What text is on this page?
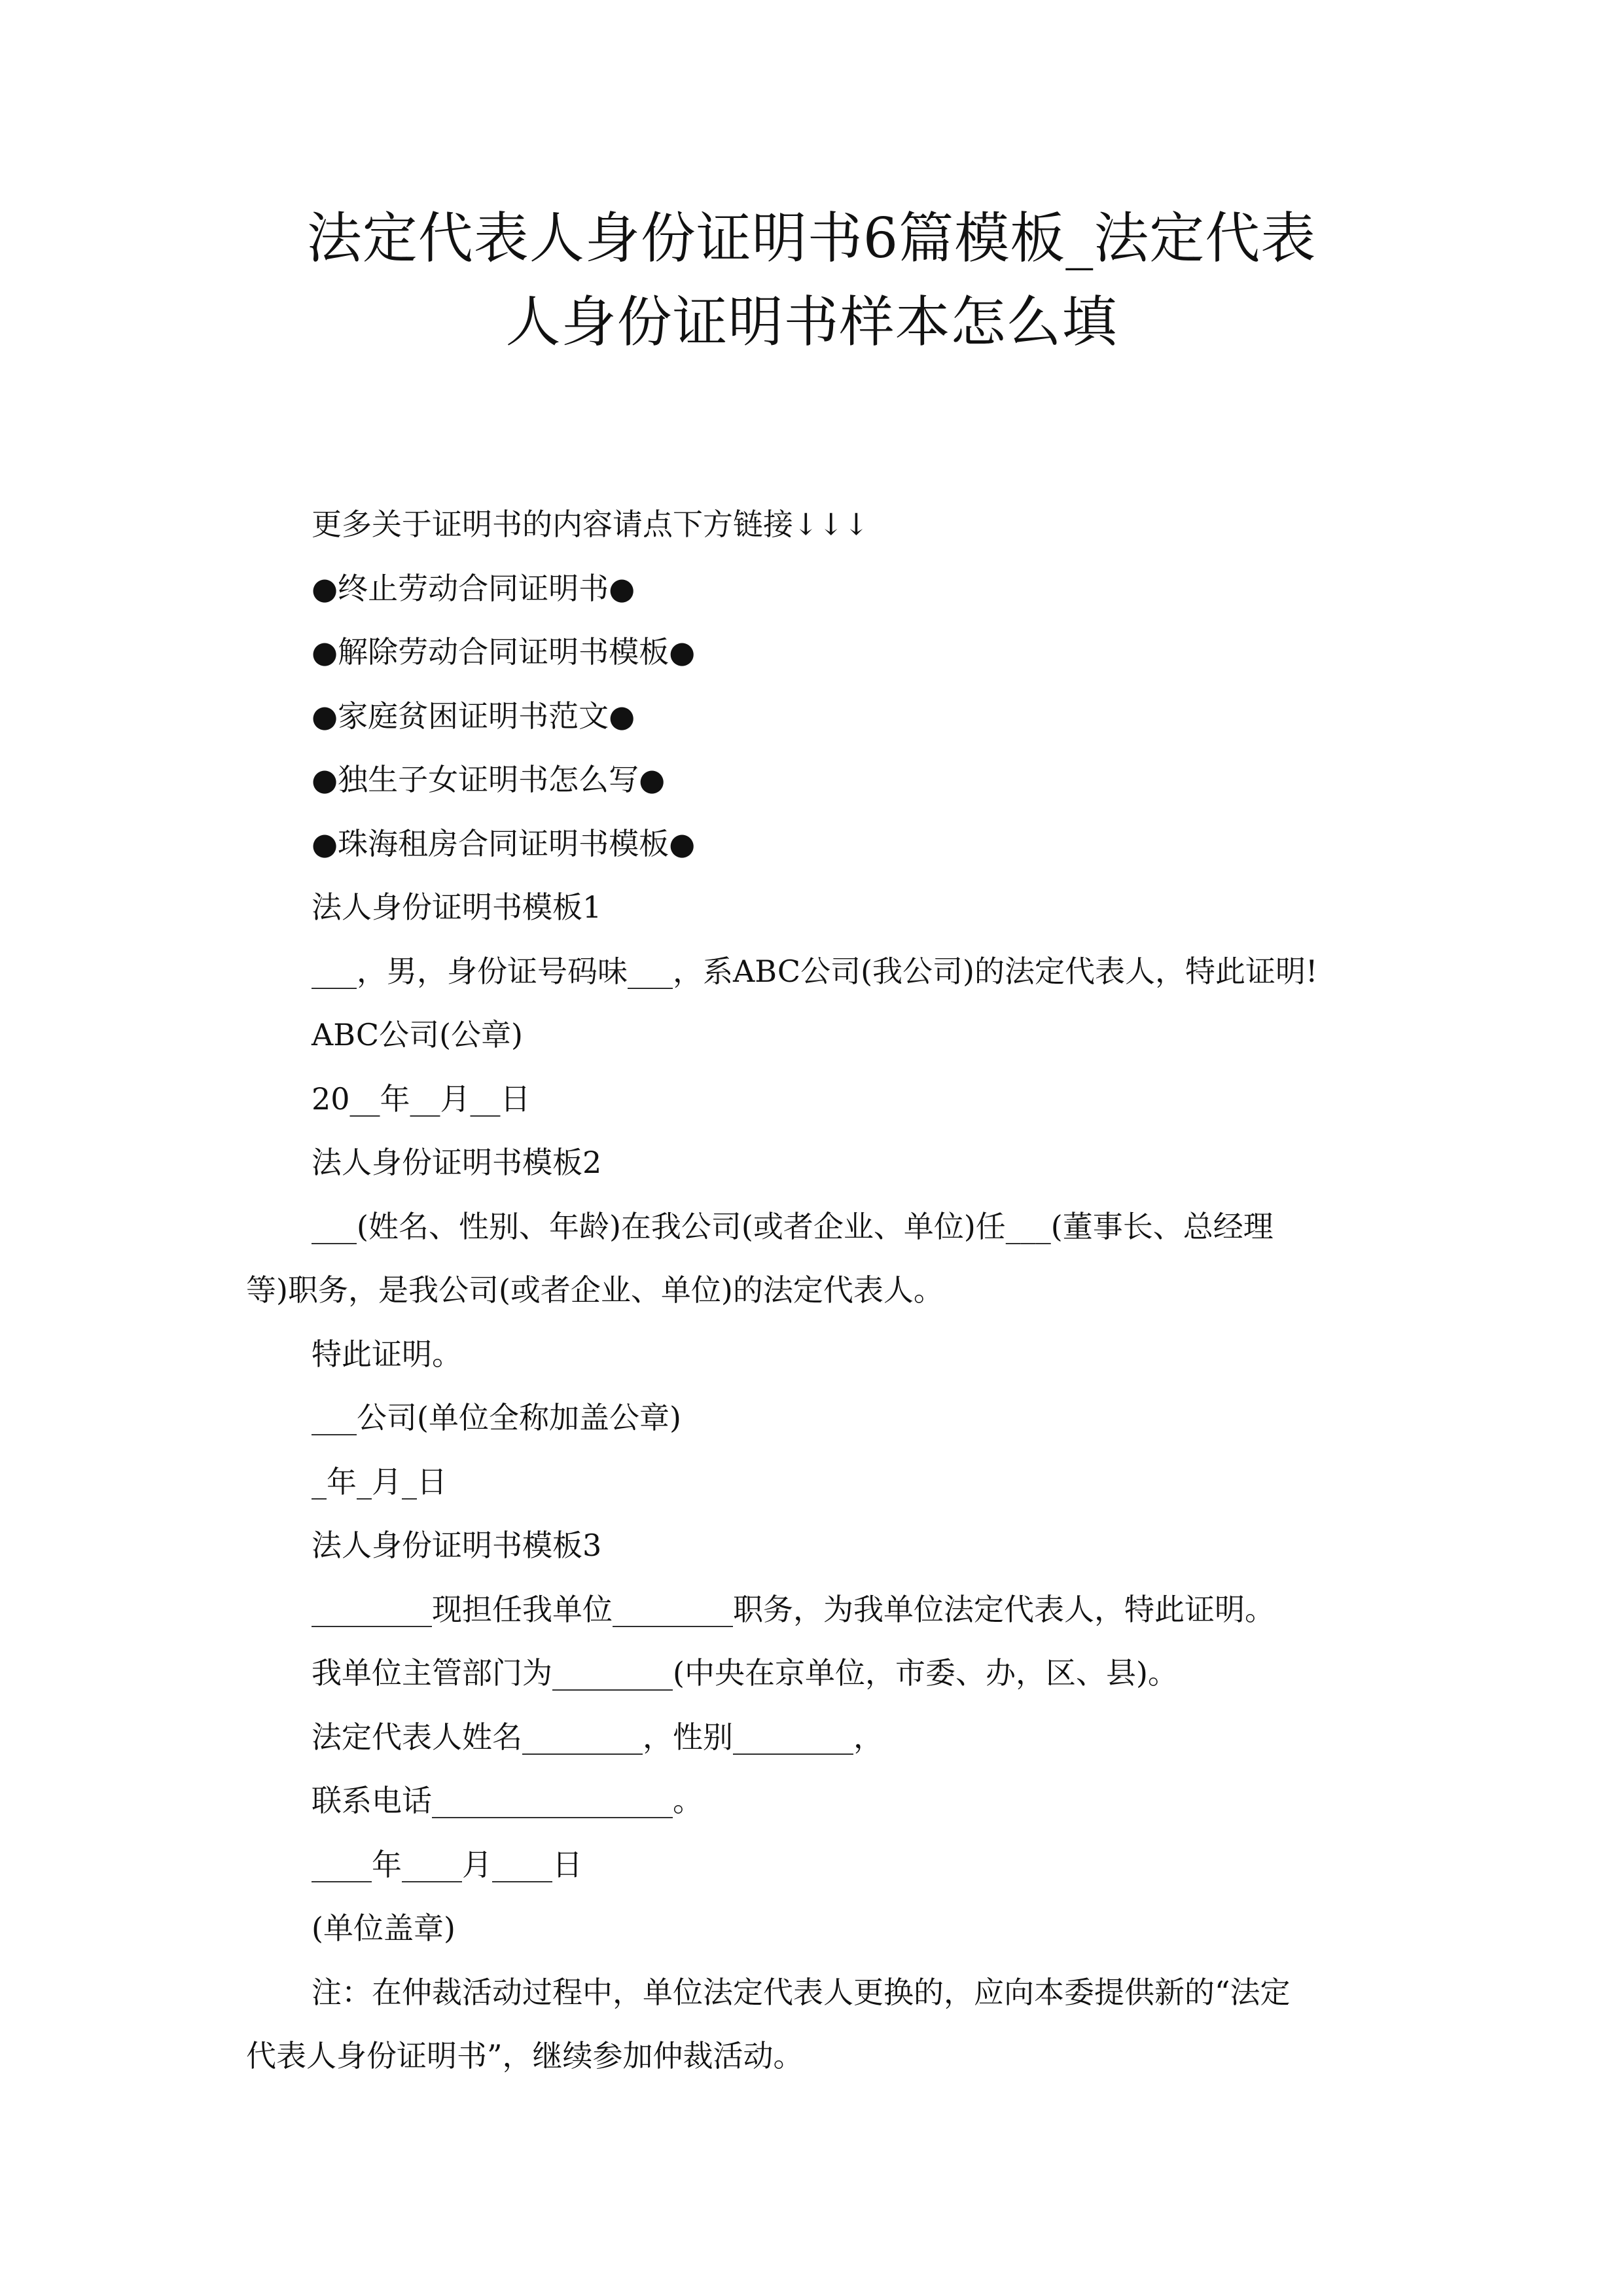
法定代表人身份证明书6篇模板_法定代表
人身份证明书样本怎么填

更多关于证明书的内容请点下方链接↓↓↓

●终止劳动合同证明书●

●解除劳动合同证明书模板●

●家庭贫困证明书范文●

●独生子女证明书怎么写●

●珠海租房合同证明书模板●

法人身份证明书模板1

___，男，身份证号码味___，系ABC公司(我公司)的法定代表人，特此证明!

ABC公司(公章)

20__年__月__日

法人身份证明书模板2

___(姓名、性别、年龄)在我公司(或者企业、单位)任___(董事长、总经理
等)职务，是我公司(或者企业、单位)的法定代表人。

特此证明。

___公司(单位全称加盖公章)

_年_月_日

法人身份证明书模板3

________现担任我单位________职务，为我单位法定代表人，特此证明。

我单位主管部门为________(中央在京单位，市委、办，区、县)。

法定代表人姓名________，性别________，

联系电话________________。

____年____月____日

(单位盖章)

注：在仲裁活动过程中，单位法定代表人更换的，应向本委提供新的“法定
代表人身份证明书”，继续参加仲裁活动。
